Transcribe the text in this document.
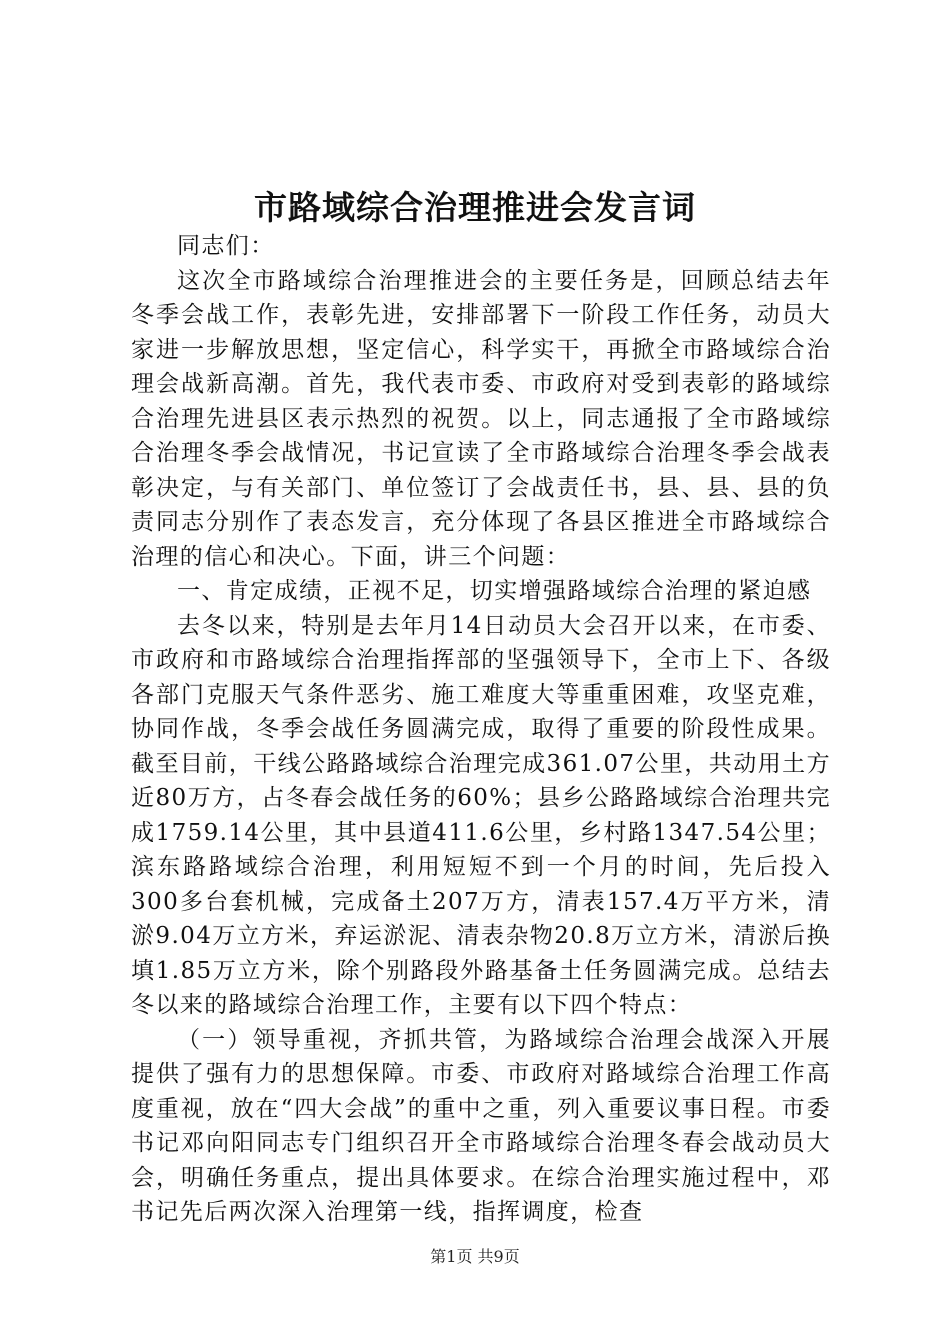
市路域综合治理推进会发言词

同志们：

这次全市路域综合治理推进会的主要任务是，回顾总结去年冬季会战工作，表彰先进，安排部署下一阶段工作任务，动员大家进一步解放思想，坚定信心，科学实干，再掀全市路域综合治理会战新高潮。首先，我代表市委、市政府对受到表彰的路域综合治理先进县区表示热烈的祝贺。以上，同志通报了全市路域综合治理冬季会战情况，书记宣读了全市路域综合治理冬季会战表彰决定，与有关部门、单位签订了会战责任书，县、县、县的负责同志分别作了表态发言，充分体现了各县区推进全市路域综合治理的信心和决心。下面，讲三个问题：

一、肯定成绩，正视不足，切实增强路域综合治理的紧迫感

去冬以来，特别是去年月14日动员大会召开以来，在市委、市政府和市路域综合治理指挥部的坚强领导下，全市上下、各级各部门克服天气条件恶劣、施工难度大等重重困难，攻坚克难，协同作战，冬季会战任务圆满完成，取得了重要的阶段性成果。截至目前，干线公路路域综合治理完成361.07公里，共动用土方近80万方，占冬春会战任务的60%；县乡公路路域综合治理共完成1759.14公里，其中县道411.6公里，乡村路1347.54公里；滨东路路域综合治理，利用短短不到一个月的时间，先后投入300多台套机械，完成备土207万方，清表157.4万平方米，清淤9.04万立方米，弃运淤泥、清表杂物20.8万立方米，清淤后换填1.85万立方米，除个别路段外路基备土任务圆满完成。总结去冬以来的路域综合治理工作，主要有以下四个特点：

（一）领导重视，齐抓共管，为路域综合治理会战深入开展提供了强有力的思想保障。市委、市政府对路域综合治理工作高度重视，放在“四大会战”的重中之重，列入重要议事日程。市委书记邓向阳同志专门组织召开全市路域综合治理冬春会战动员大会，明确任务重点，提出具体要求。在综合治理实施过程中，邓书记先后两次深入治理第一线，指挥调度，检查

第1页 共9页
